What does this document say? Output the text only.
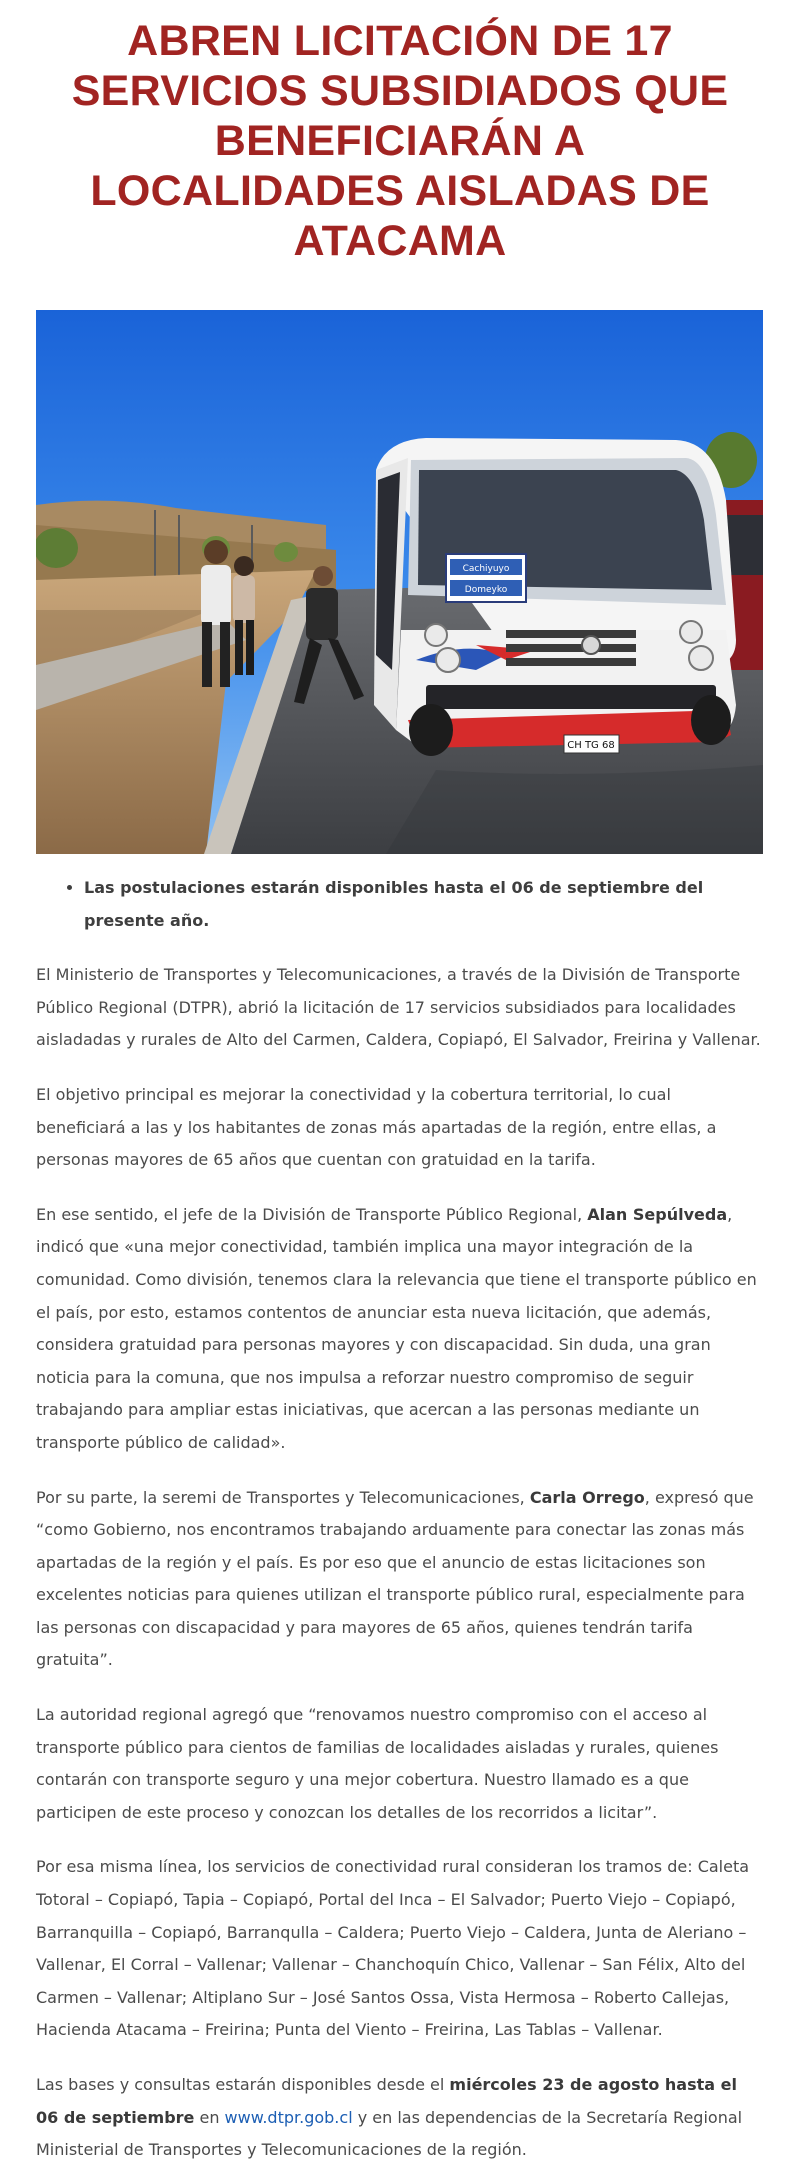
ABREN LICITACIÓN DE 17 SERVICIOS SUBSIDIADOS QUE BENEFICIARÁN A LOCALIDADES AISLADAS DE ATACAMA
Cachiyuyo
Domeyko
CH TG 68
• Las postulaciones estarán disponibles hasta el 06 de septiembre del presente año.

El Ministerio de Transportes y Telecomunicaciones, a través de la División de Transporte Público Regional (DTPR), abrió la licitación de 17 servicios subsidiados para localidades aisladadas y rurales de Alto del Carmen, Caldera, Copiapó, El Salvador, Freirina y Vallenar.

El objetivo principal es mejorar la conectividad y la cobertura territorial, lo cual beneficiará a las y los habitantes de zonas más apartadas de la región, entre ellas, a personas mayores de 65 años que cuentan con gratuidad en la tarifa.

En ese sentido, el jefe de la División de Transporte Público Regional, Alan Sepúlveda, indicó que «una mejor conectividad, también implica una mayor integración de la comunidad. Como división, tenemos clara la relevancia que tiene el transporte público en el país, por esto, estamos contentos de anunciar esta nueva licitación, que además, considera gratuidad para personas mayores y con discapacidad. Sin duda, una gran noticia para la comuna, que nos impulsa a reforzar nuestro compromiso de seguir trabajando para ampliar estas iniciativas, que acercan a las personas mediante un transporte público de calidad».

Por su parte, la seremi de Transportes y Telecomunicaciones, Carla Orrego, expresó que “como Gobierno, nos encontramos trabajando arduamente para conectar las zonas más apartadas de la región y el país. Es por eso que el anuncio de estas licitaciones son excelentes noticias para quienes utilizan el transporte público rural, especialmente para las personas con discapacidad y para mayores de 65 años, quienes tendrán tarifa gratuita”.

La autoridad regional agregó que “renovamos nuestro compromiso con el acceso al transporte público para cientos de familias de localidades aisladas y rurales, quienes contarán con transporte seguro y una mejor cobertura. Nuestro llamado es a que participen de este proceso y conozcan los detalles de los recorridos a licitar”.

Por esa misma línea, los servicios de conectividad rural consideran los tramos de: Caleta Totoral – Copiapó, Tapia – Copiapó, Portal del Inca – El Salvador; Puerto Viejo – Copiapó, Barranquilla – Copiapó, Barranqulla – Caldera; Puerto Viejo – Caldera, Junta de Aleriano – Vallenar, El Corral – Vallenar; Vallenar – Chanchoquín Chico, Vallenar – San Félix, Alto del Carmen – Vallenar; Altiplano Sur – José Santos Ossa, Vista Hermosa – Roberto Callejas, Hacienda Atacama – Freirina; Punta del Viento – Freirina, Las Tablas – Vallenar.

Las bases y consultas estarán disponibles desde el miércoles 23 de agosto hasta el 06 de septiembre en www.dtpr.gob.cl y en las dependencias de la Secretaría Regional Ministerial de Transportes y Telecomunicaciones de la región.
